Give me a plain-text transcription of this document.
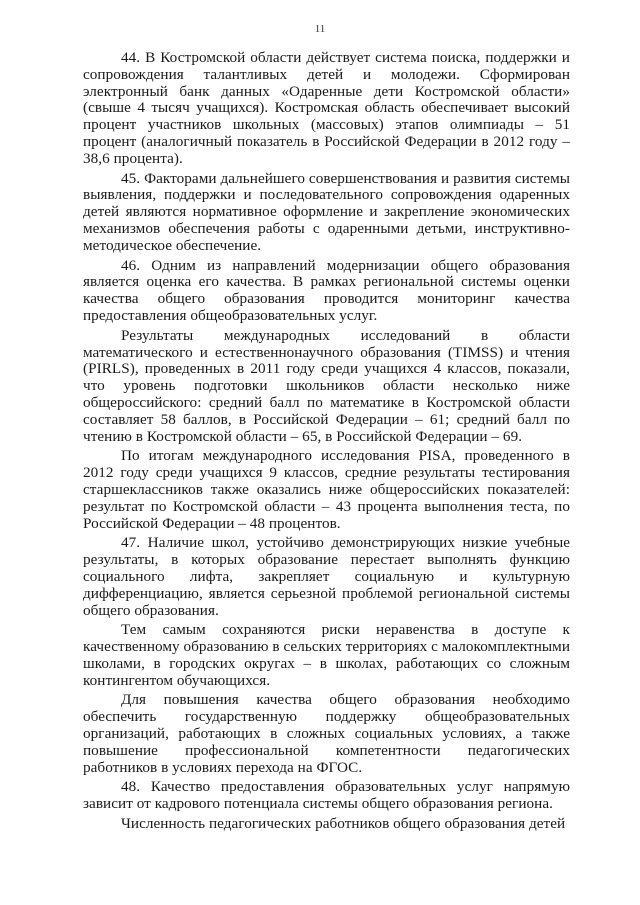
11

44. В Костромской области действует система поиска, поддержки и сопровождения талантливых детей и молодежи. Сформирован электронный банк данных «Одаренные дети Костромской области» (свыше 4 тысяч учащихся). Костромская область обеспечивает высокий процент участников школьных (массовых) этапов олимпиады – 51 процент (аналогичный показатель в Российской Федерации в 2012 году – 38,6 процента).

45. Факторами дальнейшего совершенствования и развития системы выявления, поддержки и последовательного сопровождения одаренных детей являются нормативное оформление и закрепление экономических механизмов обеспечения работы с одаренными детьми, инструктивно-методическое обеспечение.

46. Одним из направлений модернизации общего образования является оценка его качества. В рамках региональной системы оценки качества общего образования проводится мониторинг качества предоставления общеобразовательных услуг.

Результаты международных исследований в области математического и естественнонаучного образования (TIMSS) и чтения (PIRLS), проведенных в 2011 году среди учащихся 4 классов, показали, что уровень подготовки школьников области несколько ниже общероссийского: средний балл по математике в Костромской области составляет 58 баллов, в Российской Федерации – 61; средний балл по чтению в Костромской области – 65, в Российской Федерации – 69.

По итогам международного исследования PISA, проведенного в 2012 году среди учащихся 9 классов, средние результаты тестирования старшеклассников также оказались ниже общероссийских показателей: результат по Костромской области – 43 процента выполнения теста, по Российской Федерации – 48 процентов.

47. Наличие школ, устойчиво демонстрирующих низкие учебные результаты, в которых образование перестает выполнять функцию социального лифта, закрепляет социальную и культурную дифференциацию, является серьезной проблемой региональной системы общего образования.

Тем самым сохраняются риски неравенства в доступе к качественному образованию в сельских территориях с малокомплектными школами, в городских округах – в школах, работающих со сложным контингентом обучающихся.

Для повышения качества общего образования необходимо обеспечить государственную поддержку общеобразовательных организаций, работающих в сложных социальных условиях, а также повышение профессиональной компетентности педагогических работников в условиях перехода на ФГОС.

48. Качество предоставления образовательных услуг напрямую зависит от кадрового потенциала системы общего образования региона.

Численность педагогических работников общего образования детей
